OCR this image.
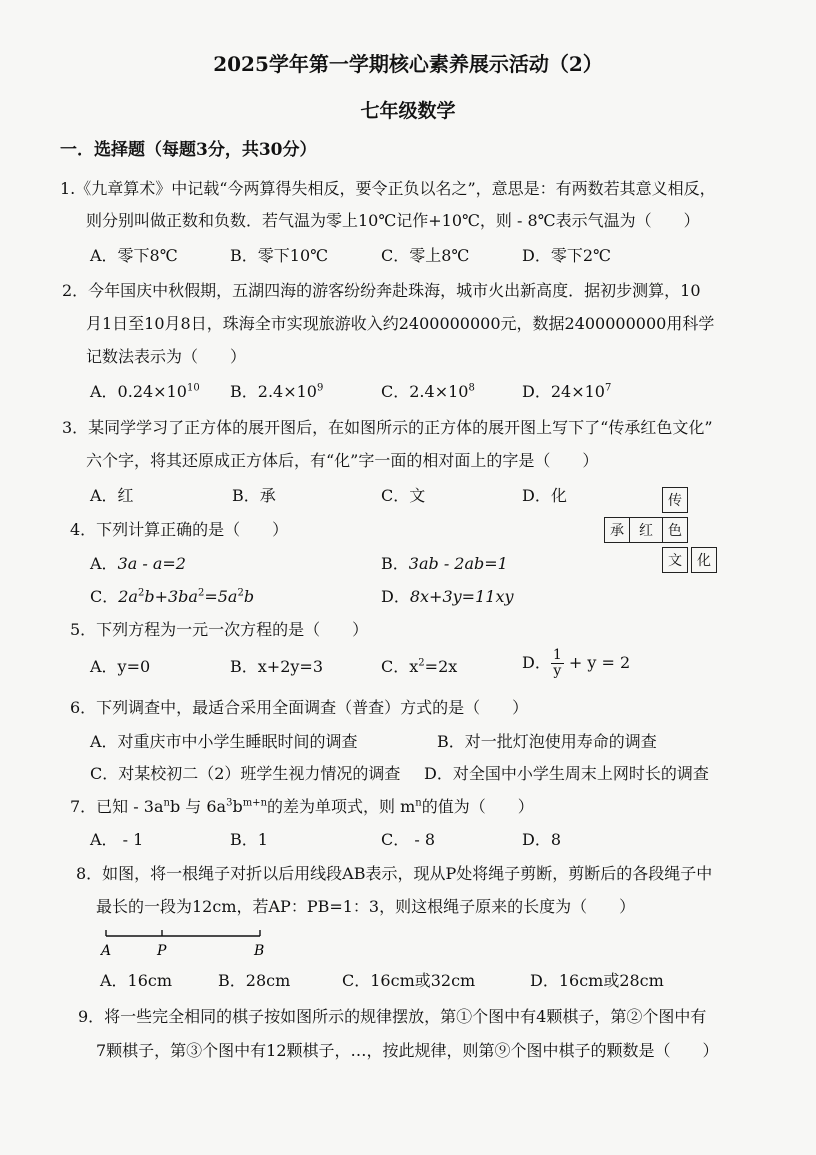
2025学年第一学期核心素养展示活动（2）
七年级数学
一．选择题（每题3分，共30分）
1.《九章算术》中记载“今两算得失相反，要令正负以名之”，意思是：有两数若其意义相反，
则分别叫做正数和负数．若气温为零上10℃记作+10℃，则 - 8℃表示气温为（　　）
A．零下8℃	B．零下10℃	C．零上8℃	D．零下2℃
2．今年国庆中秋假期，五湖四海的游客纷纷奔赴珠海，城市火出新高度．据初步测算，10
月1日至10月8日，珠海全市实现旅游收入约2400000000元，数据2400000000用科学
记数法表示为（　　）
A．$0.24\times 10^{10}$ B．$2.4\times 10^9$	C．$2.4\times 10^8$	D．$24\times 10^7$
3．某同学学习了正方体的展开图后，在如图所示的正方体的展开图上写下了“传承红色文化”
六个字，将其还原成正方体后，有“化”字一面的相对面上的字是（　　）
A．红	B．承	C．文	D．化	传
承	红	色
文	化
4．下列计算正确的是（　　）
A．3a - a=2	B．3ab - 2ab=1
C．$2a^2b+3ba^2=5a^2b$	D．8x+3y=11xy
5．下列方程为一元一次方程的是（　　）
A．y=0	B．x+2y=3	C．$x^2=2x$	D． $\frac{1}{y} + y = 2$
6．下列调查中，最适合采用全面调查（普查）方式的是（　　）
A．对重庆市中小学生睡眠时间的调查	B．对一批灯泡使用寿命的调查
C．对某校初二（2）班学生视力情况的调查 D．对全国中小学生周末上网时长的调查
7．已知 - $3a^nb$ 与 $6a^3b^{m+n}$的差为单项式，则 $m^n$的值为（　　）
A． - 1	B．1	C． - 8	D．8
8．如图，将一根绳子对折以后用线段AB表示，现从P处将绳子剪断，剪断后的各段绳子中
最长的一段为12cm，若AP：PB=1：3，则这根绳子原来的长度为（　　）
A	P	B
A．16cm	B．28cm	C．16cm或32cm	D．16cm或28cm
9．将一些完全相同的棋子按如图所示的规律摆放，第①个图中有4颗棋子，第②个图中有
7颗棋子，第③个图中有12颗棋子，…，按此规律，则第⑨个图中棋子的颗数是（　　）
